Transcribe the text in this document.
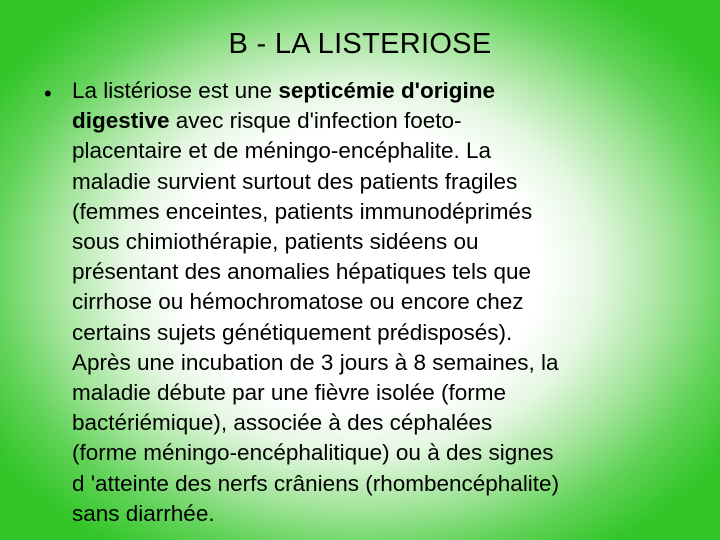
B - LA LISTERIOSE
• La listériose est une septicémie d'origine
digestive avec risque d'infection foeto-
placentaire et de méningo-encéphalite. La
maladie survient surtout des patients fragiles
(femmes enceintes, patients immunodéprimés
sous chimiothérapie, patients sidéens ou
présentant des anomalies hépatiques tels que
cirrhose ou hémochromatose ou encore chez
certains sujets génétiquement prédisposés).
Après une incubation de 3 jours à 8 semaines, la
maladie débute par une fièvre isolée (forme
bactériémique), associée à des céphalées
(forme méningo-encéphalitique) ou à des signes
d 'atteinte des nerfs crâniens (rhombencéphalite)
sans diarrhée.
